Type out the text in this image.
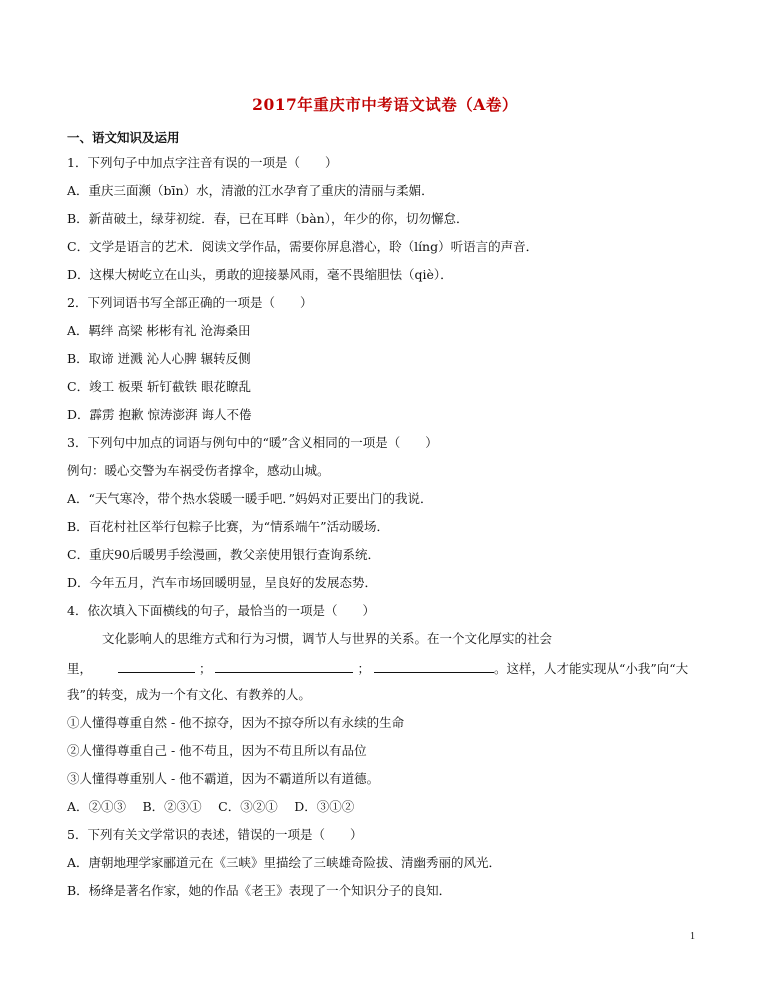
2017年重庆市中考语文试卷（A卷）
一、语文知识及运用
1．下列句子中加点字注音有误的一项是（　　）
A．重庆三面濒（bīn）水，清澈的江水孕育了重庆的清丽与柔媚．
B．新苗破土，绿芽初绽．春，已在耳畔（bàn），年少的你，切勿懈怠．
C．文学是语言的艺术．阅读文学作品，需要你屏息潜心，聆（líng）听语言的声音．
D．这棵大树屹立在山头，勇敢的迎接暴风雨，毫不畏缩胆怯（qiè）．
2．下列词语书写全部正确的一项是（　　）
A．羁绊 高梁 彬彬有礼 沧海桑田
B．取谛 迸溅 沁人心脾 辗转反侧
C．竣工 板栗 斩钉截铁 眼花瞭乱
D．霹雳 抱歉 惊涛澎湃 诲人不倦
3．下列句中加点的词语与例句中的“暖”含义相同的一项是（　　）
例句：暖心交警为车祸受伤者撑伞，感动山城。
A．“天气寒冷，带个热水袋暖一暖手吧．”妈妈对正要出门的我说．
B．百花村社区举行包粽子比赛，为“情系端午”活动暖场．
C．重庆90后暖男手绘漫画，教父亲使用银行查询系统．
D．今年五月，汽车市场回暖明显，呈良好的发展态势．
4．依次填入下面横线的句子，最恰当的一项是（　　）
文化影响人的思维方式和行为习惯，调节人与世界的关系。在一个文化厚实的社会
里，	；	；	。这样，人才能实现从“小我”向“大
我”的转变，成为一个有文化、有教养的人。
①人懂得尊重自然 - 他不掠夺，因为不掠夺所以有永续的生命
②人懂得尊重自己 - 他不苟且，因为不苟且所以有品位
③人懂得尊重别人 - 他不霸道，因为不霸道所以有道德。
A．②①③　 B．②③①　 C．③②①　 D．③①②
5．下列有关文学常识的表述，错误的一项是（　　）
A．唐朝地理学家郦道元在《三峡》里描绘了三峡雄奇险拔、清幽秀丽的风光．
B．杨绛是著名作家，她的作品《老王》表现了一个知识分子的良知．
1
